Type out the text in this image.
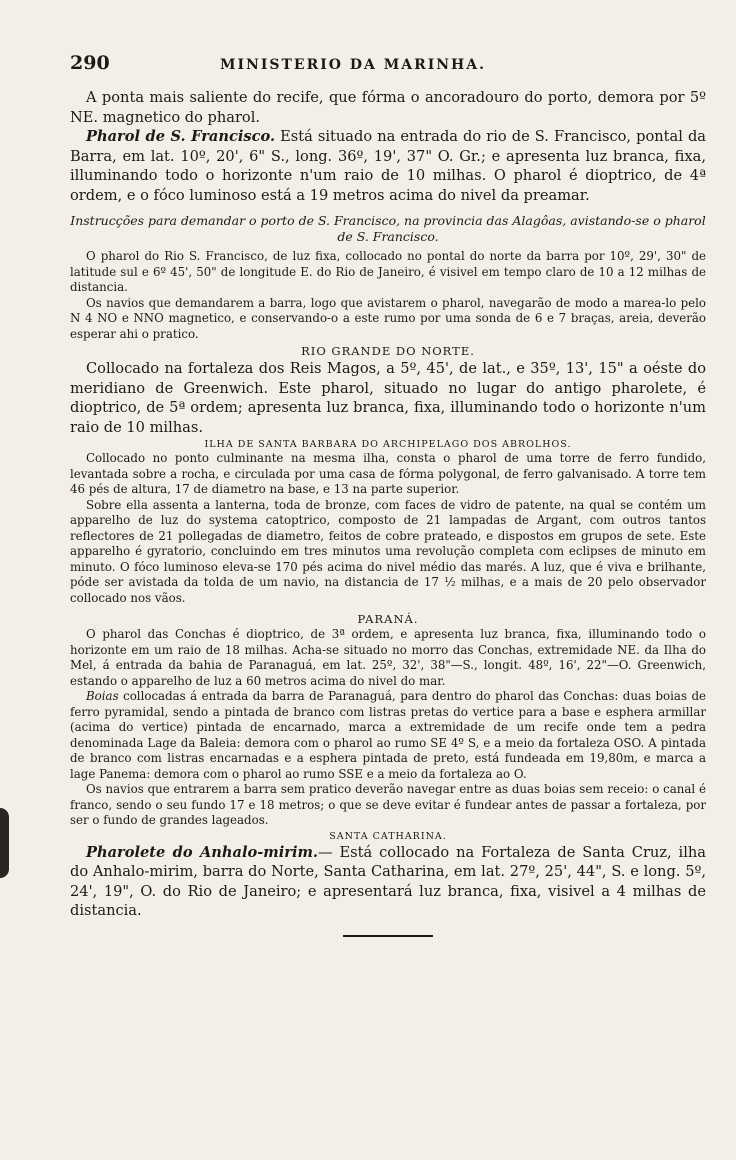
290	MINISTERIO DA MARINHA.

A ponta mais saliente do recife, que fórma o ancoradouro do porto, demora por 5º NE. magnetico do pharol.

Pharol de S. Francisco. Está situado na entrada do rio de S. Francisco, pontal da Barra, em lat. 10º, 20', 6" S., long. 36º, 19', 37" O. Gr.; e apresenta luz branca, fixa, illuminando todo o horizonte n'um raio de 10 milhas. O pharol é dioptrico, de 4ª ordem, e o fóco luminoso está a 19 metros acima do nivel da preamar.

Instrucções para demandar o porto de S. Francisco, na provincia das Alagôas, avistando-se o pharol de S. Francisco.

O pharol do Rio S. Francisco, de luz fixa, collocado no pontal do norte da barra por 10º, 29', 30" de latitude sul e 6º 45', 50" de longitude E. do Rio de Janeiro, é visivel em tempo claro de 10 a 12 milhas de distancia.

Os navios que demandarem a barra, logo que avistarem o pharol, navegarão de modo a marea-lo pelo N 4 NO e NNO magnetico, e conservando-o a este rumo por uma sonda de 6 e 7 braças, areia, deverão esperar ahi o pratico.

RIO GRANDE DO NORTE.

Collocado na fortaleza dos Reis Magos, a 5º, 45', de lat., e 35º, 13', 15" a oéste do meridiano de Greenwich. Este pharol, situado no lugar do antigo pharolete, é dioptrico, de 5ª ordem; apresenta luz branca, fixa, illuminando todo o horizonte n'um raio de 10 milhas.

ILHA DE SANTA BARBARA DO ARCHIPELAGO DOS ABROLHOS.

Collocado no ponto culminante na mesma ilha, consta o pharol de uma torre de ferro fundido, levantada sobre a rocha, e circulada por uma casa de fórma polygonal, de ferro galvanisado. A torre tem 46 pés de altura, 17 de diametro na base, e 13 na parte superior.

Sobre ella assenta a lanterna, toda de bronze, com faces de vidro de patente, na qual se contém um apparelho de luz do systema catoptrico, composto de 21 lampadas de Argant, com outros tantos reflectores de 21 pollegadas de diametro, feitos de cobre prateado, e dispostos em grupos de sete. Este apparelho é gyratorio, concluindo em tres minutos uma revolução completa com eclipses de minuto em minuto. O fóco luminoso eleva-se 170 pés acima do nivel médio das marés. A luz, que é viva e brilhante, póde ser avistada da tolda de um navio, na distancia de 17 ½ milhas, e a mais de 20 pelo observador collocado nos vãos.

PARANÁ.

O pharol das Conchas é dioptrico, de 3ª ordem, e apresenta luz branca, fixa, illuminando todo o horizonte em um raio de 18 milhas. Acha-se situado no morro das Conchas, extremidade NE. da Ilha do Mel, á entrada da bahia de Paranaguá, em lat. 25º, 32', 38"—S., longit. 48º, 16', 22"—O. Greenwich, estando o apparelho de luz a 60 metros acima do nivel do mar.

Boias collocadas á entrada da barra de Paranaguá, para dentro do pharol das Conchas: duas boias de ferro pyramidal, sendo a pintada de branco com listras pretas do vertice para a base e esphera armillar (acima do vertice) pintada de encarnado, marca a extremidade de um recife onde tem a pedra denominada Lage da Baleia: demora com o pharol ao rumo SE 4º S, e a meio da fortaleza OSO. A pintada de branco com listras encarnadas e a esphera pintada de preto, está fundeada em 19,80m, e marca a lage Panema: demora com o pharol ao rumo SSE e a meio da fortaleza ao O.

Os navios que entrarem a barra sem pratico deverão navegar entre as duas boias sem receio: o canal é franco, sendo o seu fundo 17 e 18 metros; o que se deve evitar é fundear antes de passar a fortaleza, por ser o fundo de grandes lageados.

SANTA CATHARINA.

Pharolete do Anhalo-mirim.— Está collocado na Fortaleza de Santa Cruz, ilha do Anhalo-mirim, barra do Norte, Santa Catharina, em lat. 27º, 25', 44", S. e long. 5º, 24', 19", O. do Rio de Janeiro; e apresentará luz branca, fixa, visivel a 4 milhas de distancia.
